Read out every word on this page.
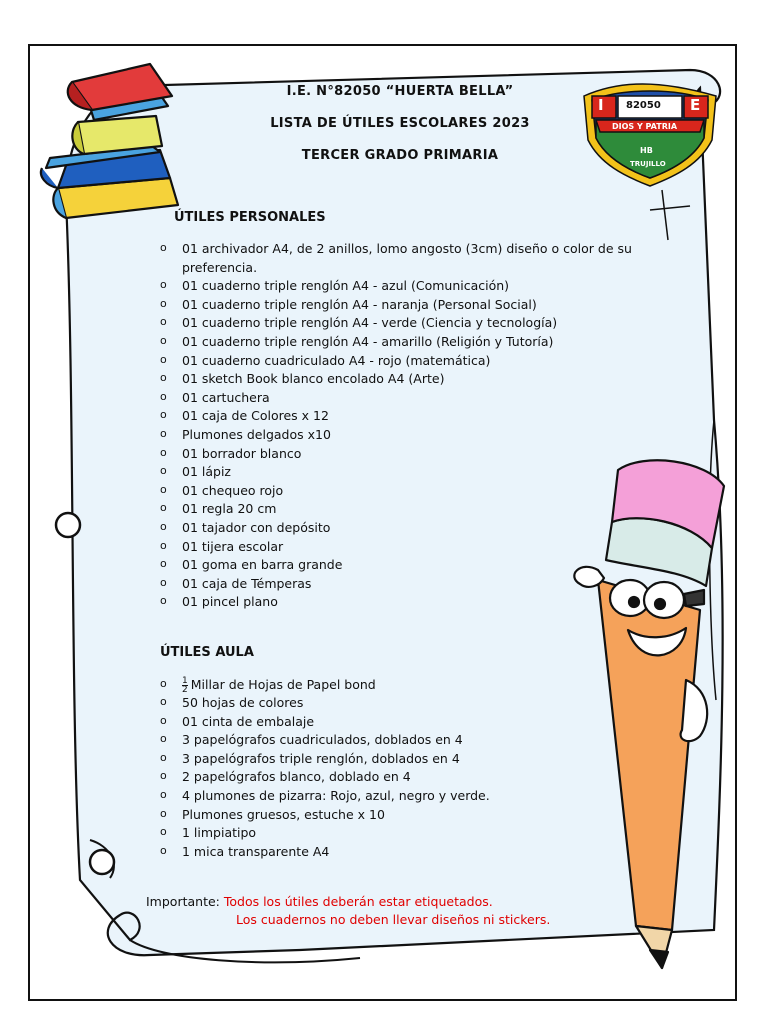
I 82050 E
DIOS Y PATRIA
HB
TRUJILLO
I.E. N°82050 “HUERTA BELLA”
LISTA DE ÚTILES ESCOLARES 2023
TERCER GRADO PRIMARIA
ÚTILES PERSONALES
o 01 archivador A4, de 2 anillos, lomo angosto (3cm) diseño o color de su preferencia.
o 01 cuaderno triple renglón A4 - azul (Comunicación)
o 01 cuaderno triple renglón A4 - naranja (Personal Social)
o 01 cuaderno triple renglón A4 - verde (Ciencia y tecnología)
o 01 cuaderno triple renglón A4 - amarillo (Religión y Tutoría)
o 01 cuaderno cuadriculado A4 - rojo (matemática)
o 01 sketch Book blanco encolado A4 (Arte)
o 01 cartuchera
o 01 caja de Colores x 12
o Plumones delgados x10
o 01 borrador blanco
o 01 lápiz
o 01 chequeo rojo
o 01 regla 20 cm
o 01 tajador con depósito
o 01 tijera escolar
o 01 goma en barra grande
o 01 caja de Témperas
o 01 pincel plano
ÚTILES AULA
o $\frac{1}{2}$ Millar de Hojas de Papel bond
o 50 hojas de colores
o 01 cinta de embalaje
o 3 papelógrafos cuadriculados, doblados en 4
o 3 papelógrafos triple renglón, doblados en 4
o 2 papelógrafos blanco, doblado en 4
o 4 plumones de pizarra: Rojo, azul, negro y verde.
o Plumones gruesos, estuche x 10
o 1 limpiatipo
o 1 mica transparente A4
Importante: Todos los útiles deberán estar etiquetados.
Los cuadernos no deben llevar diseños ni stickers.
